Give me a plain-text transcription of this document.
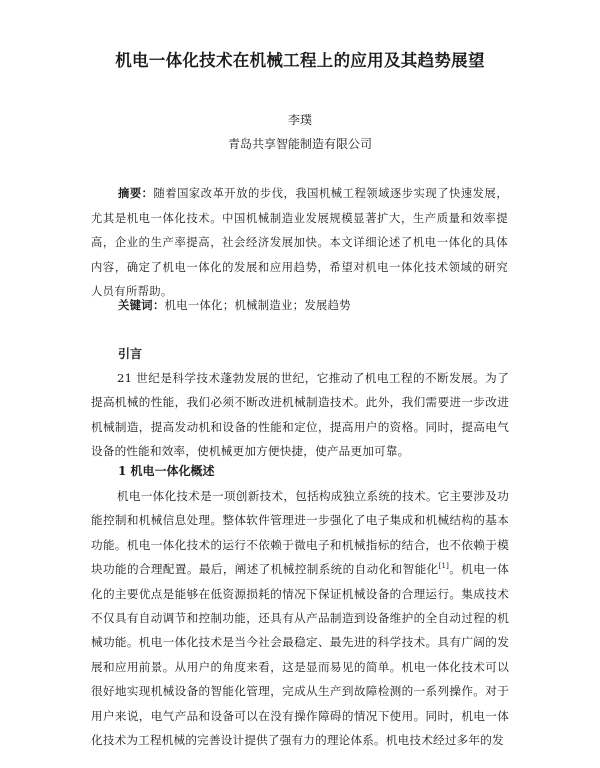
机电一体化技术在机械工程上的应用及其趋势展望
李璞
青岛共享智能制造有限公司
摘要：随着国家改革开放的步伐，我国机械工程领域逐步实现了快速发展，尤其是机电一体化技术。中国机械制造业发展规模显著扩大，生产质量和效率提高，企业的生产率提高，社会经济发展加快。本文详细论述了机电一体化的具体内容，确定了机电一体化的发展和应用趋势，希望对机电一体化技术领域的研究人员有所帮助。
关键词：机电一体化；机械制造业；发展趋势
引言
21 世纪是科学技术蓬勃发展的世纪，它推动了机电工程的不断发展。为了提高机械的性能，我们必须不断改进机械制造技术。此外，我们需要进一步改进机械制造，提高发动机和设备的性能和定位，提高用户的资格。同时，提高电气设备的性能和效率，使机械更加方便快捷，使产品更加可靠。
1 机电一体化概述
机电一体化技术是一项创新技术，包括构成独立系统的技术。它主要涉及功能控制和机械信息处理。整体软件管理进一步强化了电子集成和机械结构的基本功能。机电一体化技术的运行不依赖于微电子和机械指标的结合，也不依赖于模块功能的合理配置。最后，阐述了机械控制系统的自动化和智能化[1]。机电一体化的主要优点是能够在低资源损耗的情况下保证机械设备的合理运行。集成技术不仅具有自动调节和控制功能，还具有从产品制造到设备维护的全自动过程的机械功能。机电一体化技术是当今社会最稳定、最先进的科学技术。具有广阔的发展和应用前景。从用户的角度来看，这是显而易见的简单。机电一体化技术可以很好地实现机械设备的智能化管理，完成从生产到故障检测的一系列操作。对于用户来说，电气产品和设备可以在没有操作障碍的情况下使用。同时，机电一体化技术为工程机械的完善设计提供了强有力的理论体系。机电技术经过多年的发
